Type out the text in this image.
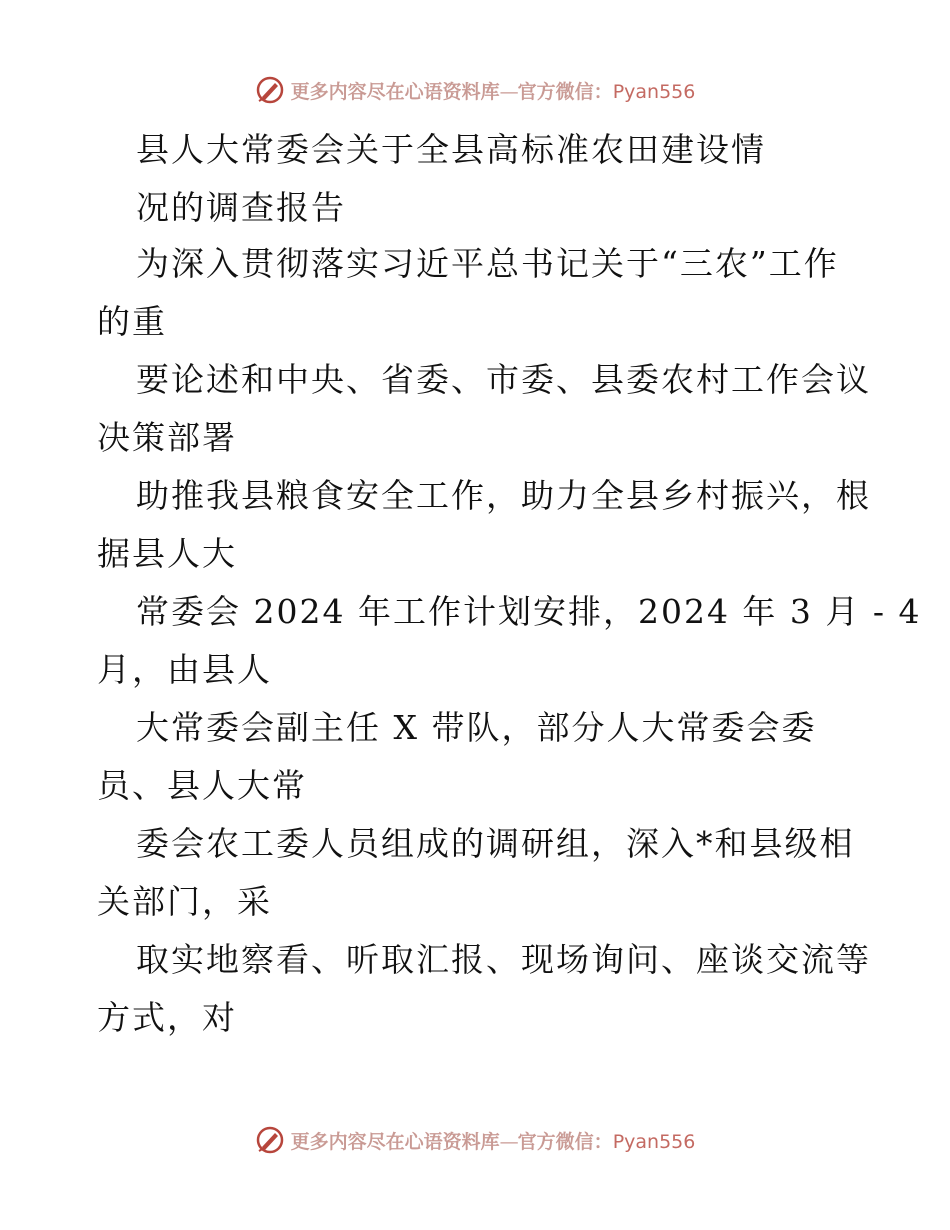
更多内容尽在心语资料库 — 官方微信： Pyan556
县人大常委会关于全县高标准农田建设情
况的调查报告
为深入贯彻落实习近平总书记关于“三农”工作
的重
要论述和中央、省委、市委、县委农村工作会议
决策部署
助推我县粮食安全工作，助力全县乡村振兴，根
据县人大
常委会 2024 年工作计划安排，2024 年 3 月 - 4
月，由县人
大常委会副主任 X 带队，部分人大常委会委
员、县人大常
委会农工委人员组成的调研组，深入*和县级相
关部门，采
取实地察看、听取汇报、现场询问、座谈交流等
方式，对
更多内容尽在心语资料库 — 官方微信： Pyan556
